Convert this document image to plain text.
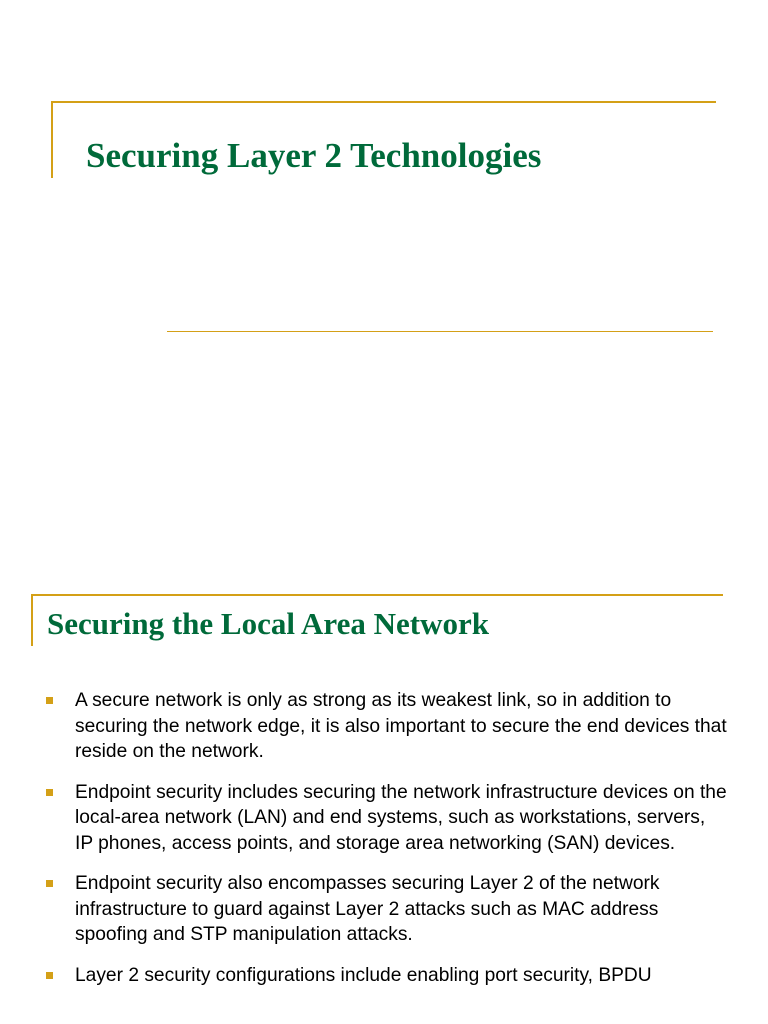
Securing Layer 2 Technologies
Securing the Local Area Network
A secure network is only as strong as its weakest link, so in addition to securing the network edge, it is also important to secure the end devices that reside on the network.
Endpoint security includes securing the network infrastructure devices on the local-area network (LAN) and end systems, such as workstations, servers, IP phones, access points, and storage area networking (SAN) devices.
Endpoint security also encompasses securing Layer 2 of the network infrastructure to guard against Layer 2 attacks such as MAC address spoofing and STP manipulation attacks.
Layer 2 security configurations include enabling port security, BPDU
